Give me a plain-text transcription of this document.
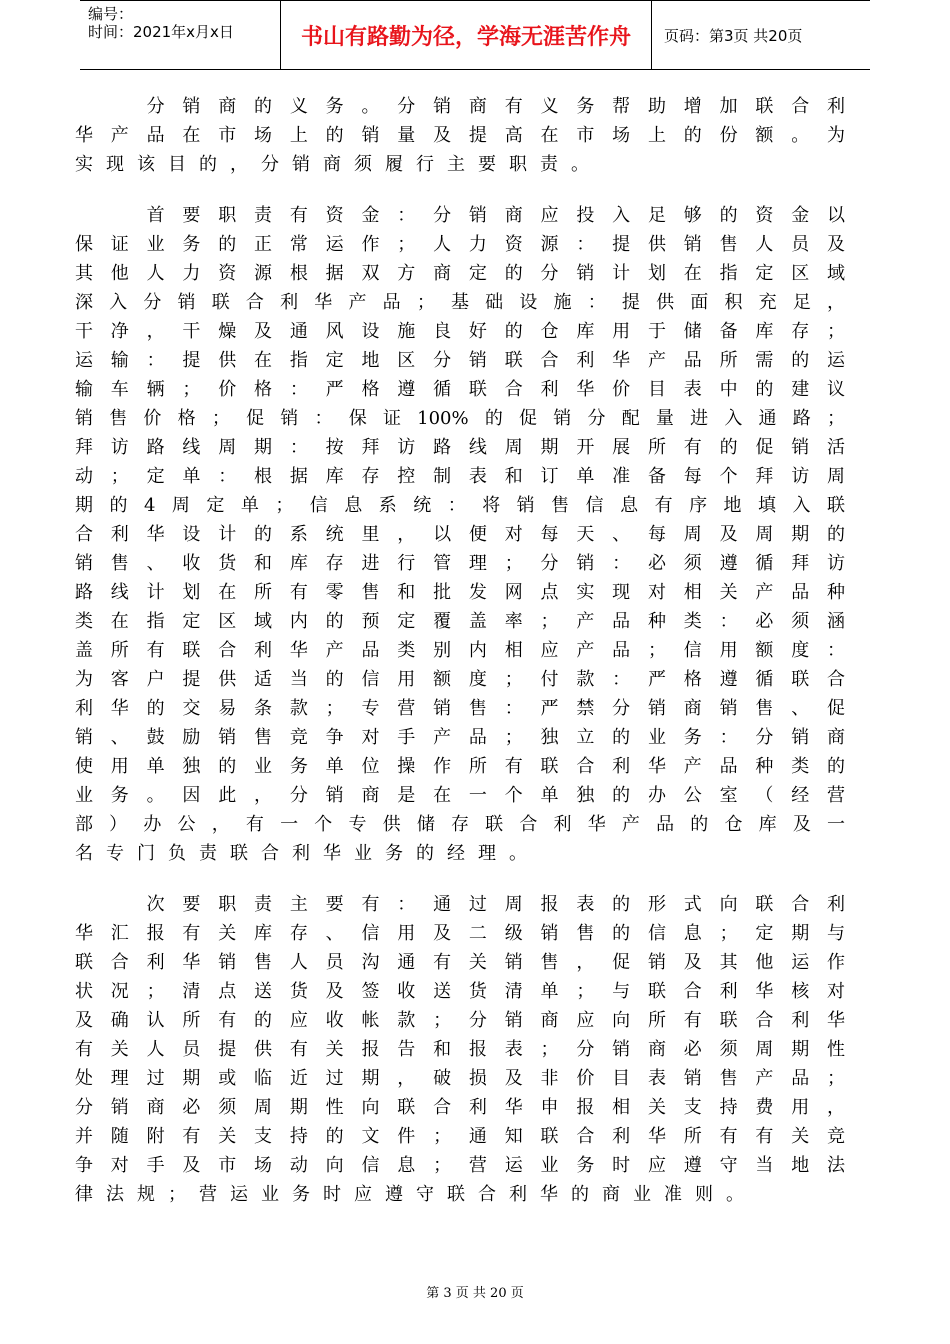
编号：
时间：2021年x月x日	书山有路勤为径，学海无涯苦作舟	页码：第3页 共20页
　　分销商的义务。分销商有义务帮助增加联合利
华产品在市场上的销量及提高在市场上的份额。为
实现该目的，分销商须履行主要职责。
　　首要职责有资金：分销商应投入足够的资金以
保证业务的正常运作；人力资源：提供销售人员及
其他人力资源根据双方商定的分销计划在指定区域
深入分销联合利华产品；基础设施：提供面积充足，
干净，干燥及通风设施良好的仓库用于储备库存；
运输：提供在指定地区分销联合利华产品所需的运
输车辆；价格：严格遵循联合利华价目表中的建议
销售价格；促销：保证100%的促销分配量进入通路；
拜访路线周期：按拜访路线周期开展所有的促销活
动；定单：根据库存控制表和订单准备每个拜访周
期的4周定单；信息系统：将销售信息有序地填入联
合利华设计的系统里，以便对每天、每周及周期的
销售、收货和库存进行管理；分销：必须遵循拜访
路线计划在所有零售和批发网点实现对相关产品种
类在指定区域内的预定覆盖率；产品种类：必须涵
盖所有联合利华产品类别内相应产品；信用额度：
为客户提供适当的信用额度；付款：严格遵循联合
利华的交易条款；专营销售：严禁分销商销售、促
销、鼓励销售竞争对手产品；独立的业务：分销商
使用单独的业务单位操作所有联合利华产品种类的
业务。因此，分销商是在一个单独的办公室（经营
部）办公，有一个专供储存联合利华产品的仓库及一
名专门负责联合利华业务的经理。
　　次要职责主要有：通过周报表的形式向联合利
华汇报有关库存、信用及二级销售的信息；定期与
联合利华销售人员沟通有关销售，促销及其他运作
状况；清点送货及签收送货清单；与联合利华核对
及确认所有的应收帐款；分销商应向所有联合利华
有关人员提供有关报告和报表；分销商必须周期性
处理过期或临近过期，破损及非价目表销售产品；
分销商必须周期性向联合利华申报相关支持费用，
并随附有关支持的文件；通知联合利华所有有关竞
争对手及市场动向信息；营运业务时应遵守当地法
律法规；营运业务时应遵守联合利华的商业准则。
第 3 页 共 20 页
